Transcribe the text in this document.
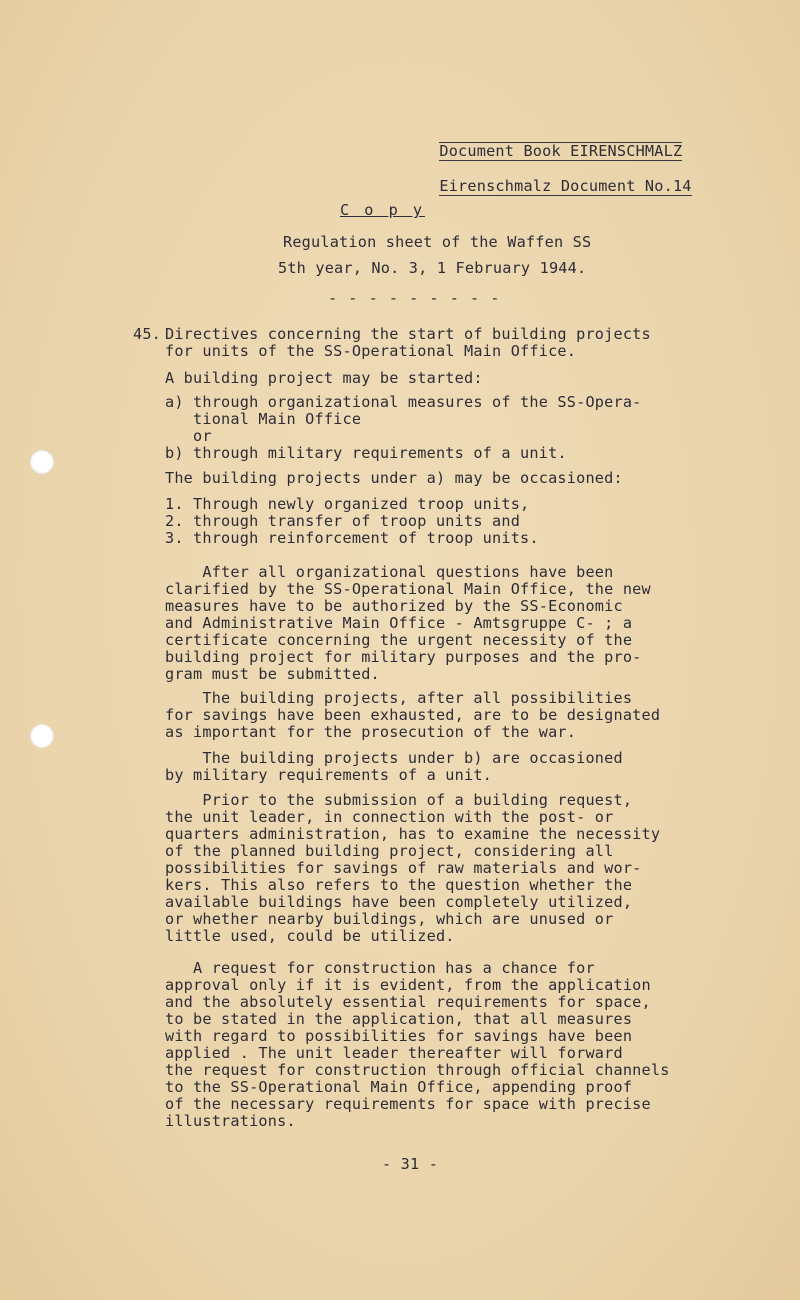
Document Book EIRENSCHMALZ

Eirenschmalz Document No.14

C o p y
Regulation sheet of the Waffen SS
5th year, No. 3, 1 February 1944.
- - - - - - - - -
45. Directives concerning the start of building projects
for units of the SS-Operational Main Office.
A building project may be started:
a) through organizational measures of the SS-Opera-
tional Main Office
or
b) through military requirements of a unit.
The building projects under a) may be occasioned:
1. Through newly organized troop units,
2. through transfer of troop units and
3. through reinforcement of troop units.
After all organizational questions have been
clarified by the SS-Operational Main Office, the new
measures have to be authorized by the SS-Economic
and Administrative Main Office - Amtsgruppe C- ; a
certificate concerning the urgent necessity of the
building project for military purposes and the pro-
gram must be submitted.
The building projects, after all possibilities
for savings have been exhausted, are to be designated
as important for the prosecution of the war.
The building projects under b) are occasioned
by military requirements of a unit.
Prior to the submission of a building request,
the unit leader, in connection with the post- or
quarters administration, has to examine the necessity
of the planned building project, considering all
possibilities for savings of raw materials and wor-
kers. This also refers to the question whether the
available buildings have been completely utilized,
or whether nearby buildings, which are unused or
little used, could be utilized.
A request for construction has a chance for
approval only if it is evident, from the application
and the absolutely essential requirements for space,
to be stated in the application, that all measures
with regard to possibilities for savings have been
applied . The unit leader thereafter will forward
the request for construction through official channels
to the SS-Operational Main Office, appending proof
of the necessary requirements for space with precise
illustrations.
- 31 -
